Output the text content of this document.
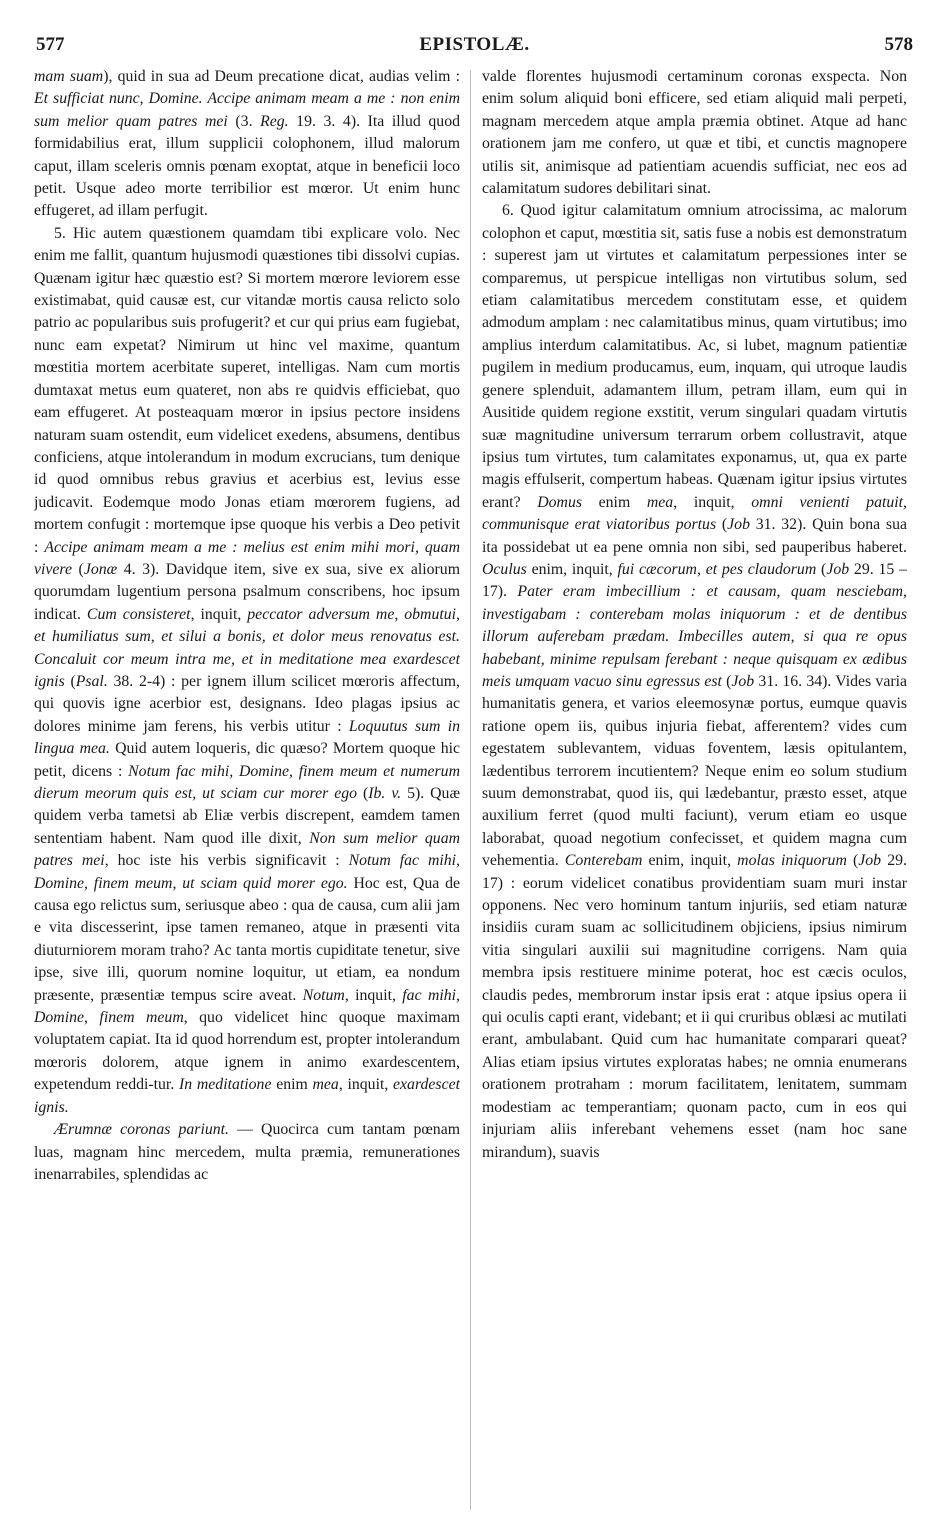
577	EPISTOLÆ.	578

mam suam), quid in sua ad Deum precatione dicat, audias velim : Et sufficiat nunc, Domine. Accipe animam meam a me : non enim sum melior quam patres mei (3. Reg. 19. 3. 4). Ita illud quod formidabilius erat, illum supplicii colophonem, illud malorum caput, illam sceleris omnis pœnam exoptat, atque in beneficii loco petit. Usque adeo morte terribilior est mœror. Ut enim hunc effugeret, ad illam perfugit.

5. Hic autem quæstionem quamdam tibi explicare volo. Nec enim me fallit, quantum hujusmodi quæstiones tibi dissolvi cupias. Quænam igitur hæc quæstio est? Si mortem mœrore leviorem esse existimabat, quid causæ est, cur vitandæ mortis causa relicto solo patrio ac popularibus suis profugerit? et cur qui prius eam fugiebat, nunc eam expetat? Nimirum ut hinc vel maxime, quantum mœstitia mortem acerbitate superet, intelligas. Nam cum mortis dumtaxat metus eum quateret, non abs re quidvis efficiebat, quo eam effugeret. At posteaquam mœror in ipsius pectore insidens naturam suam ostendit, eum videlicet exedens, absumens, dentibus conficiens, atque intolerandum in modum excrucians, tum denique id quod omnibus rebus gravius et acerbius est, levius esse judicavit. Eodemque modo Jonas etiam mœrorem fugiens, ad mortem confugit : mortemque ipse quoque his verbis a Deo petivit : Accipe animam meam a me : melius est enim mihi mori, quam vivere (Jonæ 4. 3). Davidque item, sive ex sua, sive ex aliorum quorumdam lugentium persona psalmum conscribens, hoc ipsum indicat. Cum consisteret, inquit, peccator adversum me, obmutui, et humiliatus sum, et silui a bonis, et dolor meus renovatus est. Concaluit cor meum intra me, et in meditatione mea exardescet ignis (Psal. 38. 2-4) : per ignem illum scilicet mœroris affectum, qui quovis igne acerbior est, designans. Ideo plagas ipsius ac dolores minime jam ferens, his verbis utitur : Loquutus sum in lingua mea. Quid autem loqueris, dic quæso? Mortem quoque hic petit, dicens : Notum fac mihi, Domine, finem meum et numerum dierum meorum quis est, ut sciam cur morer ego (Ib. v. 5). Quæ quidem verba tametsi ab Eliæ verbis discrepent, eamdem tamen sententiam habent. Nam quod ille dixit, Non sum melior quam patres mei, hoc iste his verbis significavit : Notum fac mihi, Domine, finem meum, ut sciam quid morer ego. Hoc est, Qua de causa ego relictus sum, seriusque abeo : qua de causa, cum alii jam e vita discesserint, ipse tamen remaneo, atque in præsenti vita diuturniorem moram traho? Ac tanta mortis cupiditate tenetur, sive ipse, sive illi, quorum nomine loquitur, ut etiam, ea nondum præsente, præsentiæ tempus scire aveat. Notum, inquit, fac mihi, Domine, finem meum, quo videlicet hinc quoque maximam voluptatem capiat. Ita id quod horrendum est, propter intolerandum mœroris dolorem, atque ignem in animo exardescentem, expetendum reddi-tur. In meditatione enim mea, inquit, exardescet ignis.

Ærumnæ coronas pariunt. — Quocirca cum tantam pœnam luas, magnam hinc mercedem, multa præmia, remunerationes inenarrabiles, splendidas ac

valde florentes hujusmodi certaminum coronas exspecta. Non enim solum aliquid boni efficere, sed etiam aliquid mali perpeti, magnam mercedem atque ampla præmia obtinet. Atque ad hanc orationem jam me confero, ut quæ et tibi, et cunctis magnopere utilis sit, animisque ad patientiam acuendis sufficiat, nec eos ad calamitatum sudores debilitari sinat.

6. Quod igitur calamitatum omnium atrocissima, ac malorum colophon et caput, mœstitia sit, satis fuse a nobis est demonstratum : superest jam ut virtutes et calamitatum perpessiones inter se comparemus, ut perspicue intelligas non virtutibus solum, sed etiam calamitatibus mercedem constitutam esse, et quidem admodum amplam : nec calamitatibus minus, quam virtutibus; imo amplius interdum calamitatibus. Ac, si lubet, magnum patientiæ pugilem in medium producamus, eum, inquam, qui utroque laudis genere splenduit, adamantem illum, petram illam, eum qui in Ausitide quidem regione exstitit, verum singulari quadam virtutis suæ magnitudine universum terrarum orbem collustravit, atque ipsius tum virtutes, tum calamitates exponamus, ut, qua ex parte magis effulserit, compertum habeas. Quænam igitur ipsius virtutes erant? Domus enim mea, inquit, omni venienti patuit, communisque erat viatoribus portus (Job 31. 32). Quin bona sua ita possidebat ut ea pene omnia non sibi, sed pauperibus haberet. Oculus enim, inquit, fui cæcorum, et pes claudorum (Job 29. 15 – 17). Pater eram imbecillium : et causam, quam nesciebam, investigabam : conterebam molas iniquorum : et de dentibus illorum auferebam prædam. Imbecilles autem, si qua re opus habebant, minime repulsam ferebant : neque quisquam ex ædibus meis umquam vacuo sinu egressus est (Job 31. 16. 34). Vides varia humanitatis genera, et varios eleemosynæ portus, eumque quavis ratione opem iis, quibus injuria fiebat, afferentem? vides cum egestatem sublevantem, viduas foventem, læsis opitulantem, lædentibus terrorem incutientem? Neque enim eo solum studium suum demonstrabat, quod iis, qui lædebantur, præsto esset, atque auxilium ferret (quod multi faciunt), verum etiam eo usque laborabat, quoad negotium confecisset, et quidem magna cum vehementia. Conterebam enim, inquit, molas iniquorum (Job 29. 17) : eorum videlicet conatibus providentiam suam muri instar opponens. Nec vero hominum tantum injuriis, sed etiam naturæ insidiis curam suam ac sollicitudinem objiciens, ipsius nimirum vitia singulari auxilii sui magnitudine corrigens. Nam quia membra ipsis restituere minime poterat, hoc est cæcis oculos, claudis pedes, membrorum instar ipsis erat : atque ipsius opera ii qui oculis capti erant, videbant; et ii qui cruribus oblæsi ac mutilati erant, ambulabant. Quid cum hac humanitate comparari queat? Alias etiam ipsius virtutes exploratas habes; ne omnia enumerans orationem protraham : morum facilitatem, lenitatem, summam modestiam ac temperantiam; quonam pacto, cum in eos qui injuriam aliis inferebant vehemens esset (nam hoc sane mirandum), suavis
